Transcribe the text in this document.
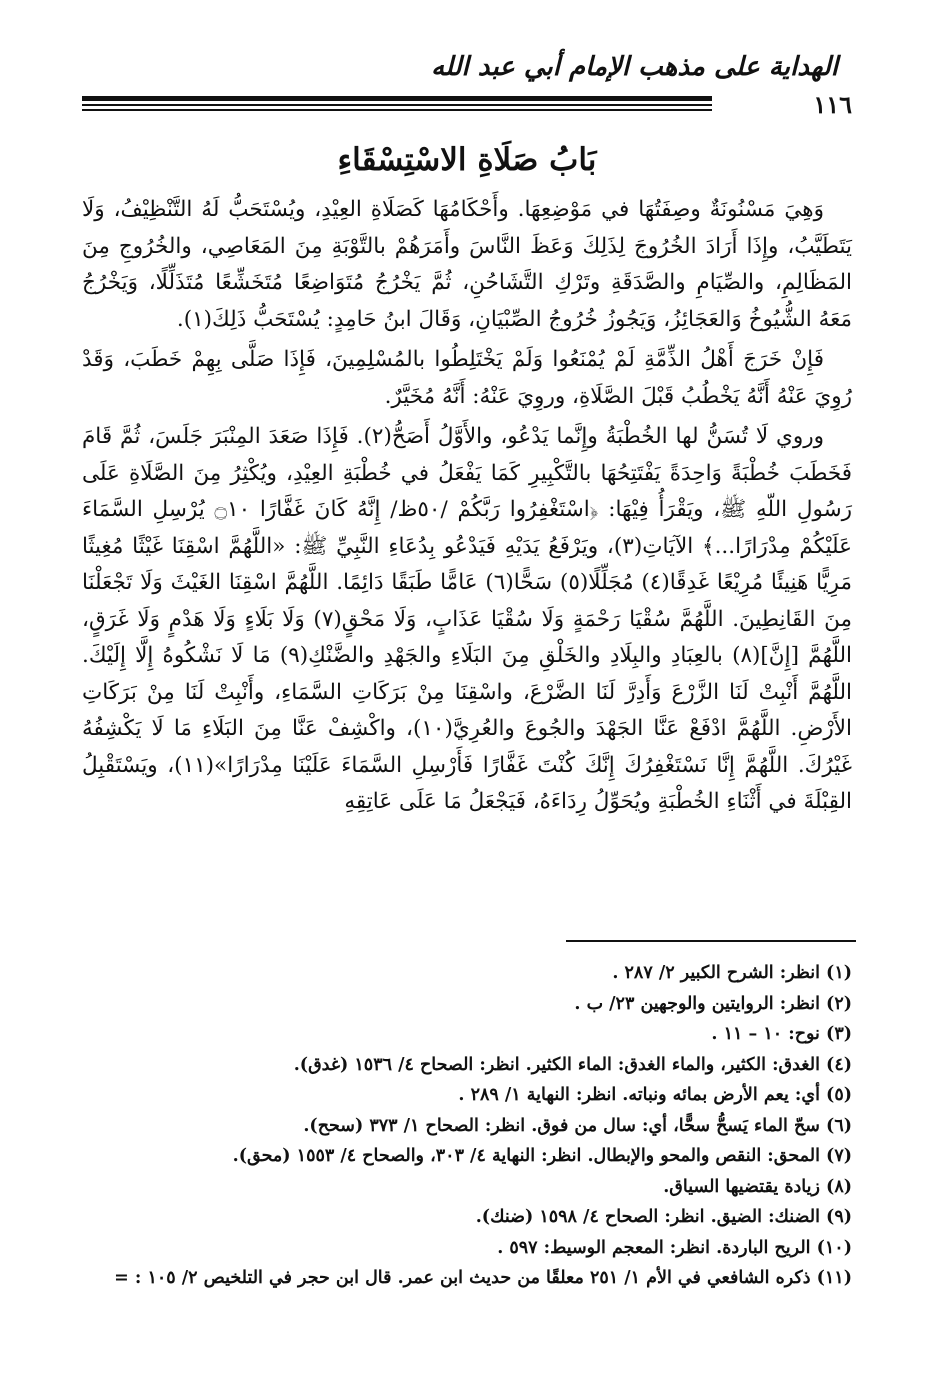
الهداية على مذهب الإمام أبي عبد الله
١١٦
بَابُ صَلَاةِ الاسْتِسْقَاءِ

وَهِيَ مَسْنُونَةٌ وصِفَتُهَا في مَوْضِعِهَا. وأَحْكَامُهَا كَصَلَاةِ العِيْدِ، ويُسْتَحَبُّ لَهُ التَّنْظِيْفُ، وَلَا يَتَطَيَّبُ، وإِذَا أَرَادَ الخُرُوجَ لِذَلِكَ وَعَظَ النَّاسَ وأَمَرَهُمْ بالتَّوْبَةِ مِنَ المَعَاصِي، والخُرُوجِ مِنَ المَظَالِمِ، والصِّيَامِ والصَّدَقَةِ وتَرْكِ التَّشَاحُنِ، ثُمَّ يَخْرُجُ مُتَوَاضِعًا مُتَخَشِّعًا مُتَذَلِّلًا، وَيَخْرُجُ مَعَهُ الشُّيُوخُ وَالعَجَائِزُ، وَيَجُوزُ خُرُوجُ الصِّبْيَانِ، وَقَالَ ابنُ حَامِدٍ: يُسْتَحَبُّ ذَلِكَ(١).

فَإِنْ خَرَجَ أَهْلُ الذِّمَّةِ لَمْ يُمْنَعُوا وَلَمْ يَخْتَلِطُوا بالمُسْلِمِينَ، فَإِذَا صَلَّى بِهِمْ خَطَبَ، وَقَدْ رُوِيَ عَنْهُ أَنَّهُ يَخْطُبُ قَبْلَ الصَّلَاةِ، وروِيَ عَنْهُ: أَنَّهُ مُخَيَّرٌ.

وروي لَا تُسَنُّ لها الخُطْبَةُ وإِنَّما يَدْعُو، والأَوَّلُ أَصَحُّ(٢). فَإِذَا صَعَدَ المِنْبَرَ جَلَسَ، ثُمَّ قَامَ فَخَطَبَ خُطْبَةً وَاحِدَةً يَفْتَتِحُهَا بالتَّكْبِيرِ كَمَا يَفْعَلُ في خُطْبَةِ العِيْدِ، ويُكْثِرُ مِنَ الصَّلَاةِ عَلَى رَسُولِ اللّهِ ﷺ، ويَقْرَأُ فِيْهَا: ﴿اسْتَغْفِرُوا رَبَّكُمْ /٥٠ظ/ إِنَّهُ كَانَ غَفَّارًا ۝١٠ يُرْسِلِ السَّمَاءَ عَلَيْكُمْ مِدْرَارًا...﴾ الآيَاتِ(٣)، ويَرْفَعُ يَدَيْهِ فَيَدْعُو بِدُعَاءِ النَّبِيِّ ﷺ: «اللَّهُمَّ اسْقِنَا غَيْثًا مُغِيثًا مَرِيًّا هَنِيئًا مُرِيْعًا غَدِقًا(٤) مُجَلِّلًا(٥) سَحًّا(٦) عَامًّا طَبَقًا دَائِمًا. اللَّهُمَّ اسْقِنَا الغَيْثَ وَلَا تَجْعَلْنَا مِنَ القَانِطِينَ. اللَّهُمَّ سُقْيَا رَحْمَةٍ وَلَا سُقْيَا عَذَابٍ، وَلَا مَحْقٍ(٧) وَلَا بَلَاءٍ وَلَا هَدْمٍ وَلَا غَرَقٍ، اللَّهُمَّ [إِنَّ](٨) بالعِبَادِ والبِلَادِ والخَلْقِ مِنَ البَلَاءِ والجَهْدِ والضَّنْكِ(٩) مَا لَا نَشْكُوهُ إِلَّا إِلَيْكَ. اللَّهُمَّ أَنْبِتْ لَنَا الزَّرْعَ وَأَدِرَّ لَنَا الضَّرْعَ، واسْقِنَا مِنْ بَرَكَاتِ السَّمَاءِ، وأَنْبِتْ لَنَا مِنْ بَرَكَاتِ الأَرْضِ. اللَّهُمَّ ادْفَعْ عَنَّا الجَهْدَ والجُوعَ والعُرِيَّ(١٠)، واكْشِفْ عَنَّا مِنَ البَلَاءِ مَا لَا يَكْشِفُهُ غَيْرُكَ. اللَّهُمَّ إِنَّا نَسْتَغْفِرُكَ إِنَّكَ كُنْتَ غَفَّارًا فَأَرْسِلِ السَّمَاءَ عَلَيْنَا مِدْرَارًا»(١١)، ويَسْتَقْبِلُ القِبْلَةَ في أَثْنَاءِ الخُطْبَةِ ويُحَوِّلُ رِدَاءَهُ، فَيَجْعَلُ مَا عَلَى عَاتِقِهِ

(١) انظر: الشرح الكبير ٢/ ٢٨٧ .
(٢) انظر: الروايتين والوجهين ٢٣/ ب .
(٣) نوح: ١٠ – ١١ .
(٤) الغدق: الكثير، والماء الغدق: الماء الكثير. انظر: الصحاح ٤/ ١٥٣٦ (غدق).
(٥) أي: يعم الأرض بمائه ونباته. انظر: النهاية ١/ ٢٨٩ .
(٦) سحّ الماء يَسحُّ سحًّا، أي: سال من فوق. انظر: الصحاح ١/ ٣٧٣ (سحح).
(٧) المحق: النقص والمحو والإبطال. انظر: النهاية ٤/ ٣٠٣، والصحاح ٤/ ١٥٥٣ (محق).
(٨) زيادة يقتضيها السياق.
(٩) الضنك: الضيق. انظر: الصحاح ٤/ ١٥٩٨ (ضنك).
(١٠) الريح الباردة. انظر: المعجم الوسيط: ٥٩٧ .
(١١) ذكره الشافعي في الأم ١/ ٢٥١ معلقًا من حديث ابن عمر. قال ابن حجر في التلخيص ٢/ ١٠٥ : =
